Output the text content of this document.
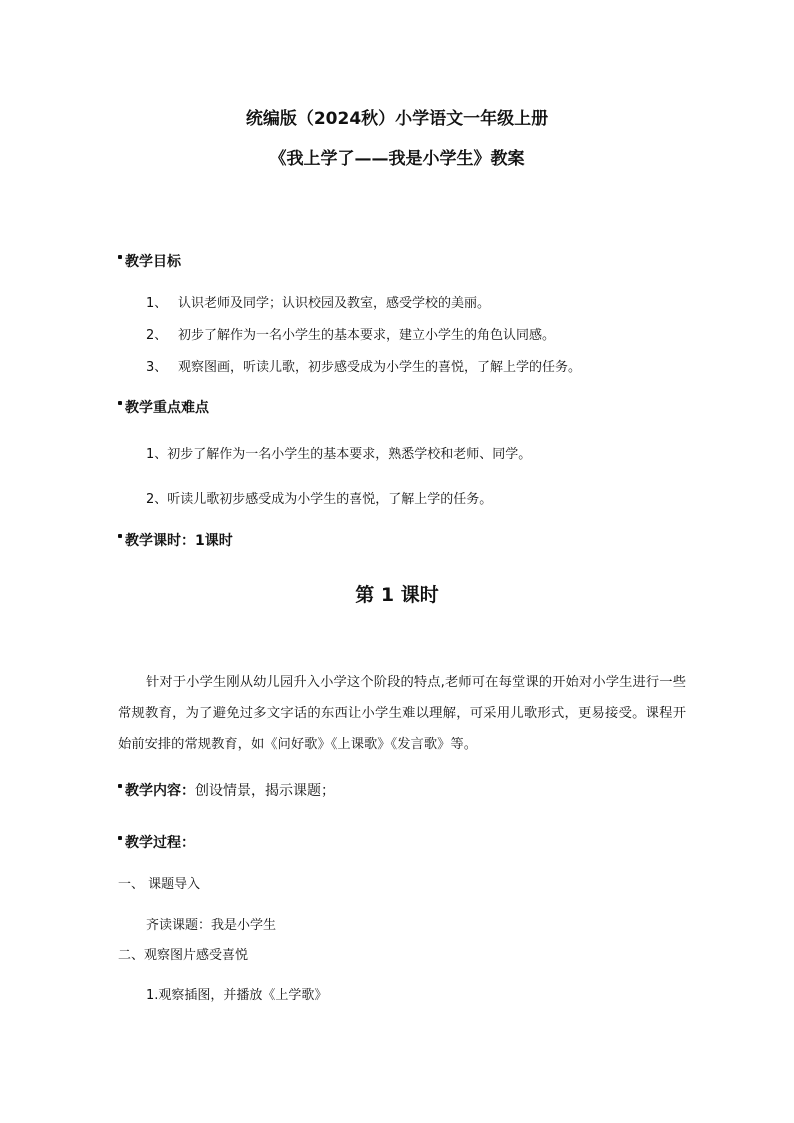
统编版（2024秋）小学语文一年级上册
《我上学了——我是小学生》教案
教学目标
1、 认识老师及同学；认识校园及教室，感受学校的美丽。
2、 初步了解作为一名小学生的基本要求，建立小学生的角色认同感。
3、 观察图画，听读儿歌，初步感受成为小学生的喜悦，了解上学的任务。
教学重点难点
1、初步了解作为一名小学生的基本要求，熟悉学校和老师、同学。
2、听读儿歌初步感受成为小学生的喜悦，了解上学的任务。
教学课时：1课时
第 1 课时
针对于小学生刚从幼儿园升入小学这个阶段的特点,老师可在每堂课的开始对小学生进行一些常规教育，为了避免过多文字话的东西让小学生难以理解，可采用儿歌形式，更易接受。课程开始前安排的常规教育，如《问好歌》《上课歌》《发言歌》等。
教学内容：创设情景，揭示课题；
教学过程：
一、 课题导入
齐读课题：我是小学生
二、观察图片感受喜悦
1.观察插图，并播放《上学歌》
